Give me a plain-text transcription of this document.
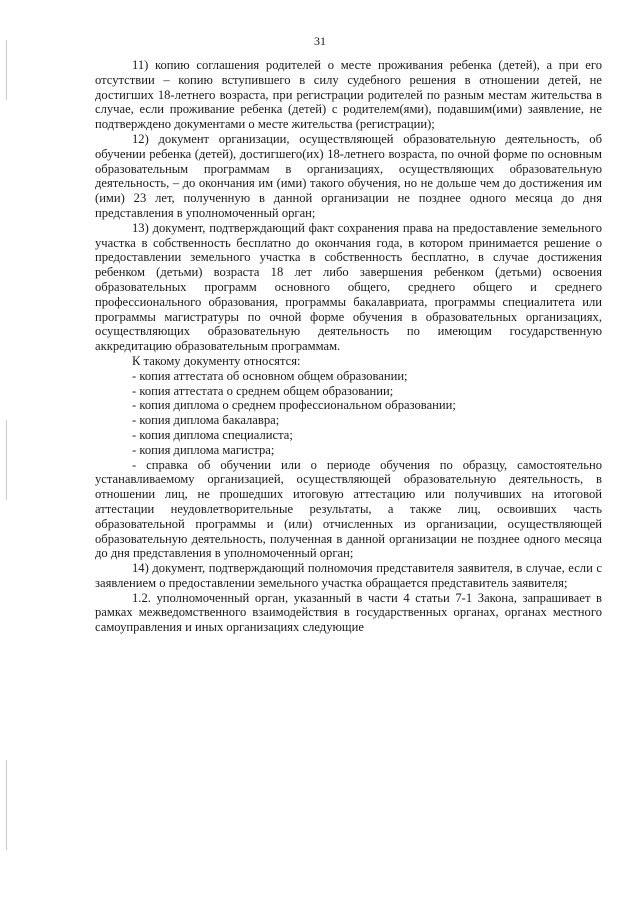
31

11) копию соглашения родителей о месте проживания ребенка (детей), а при его отсутствии – копию вступившего в силу судебного решения в отношении детей, не достигших 18-летнего возраста, при регистрации родителей по разным местам жительства в случае, если проживание ребенка (детей) с родителем(ями), подавшим(ими) заявление, не подтверждено документами о месте жительства (регистрации);

12) документ организации, осуществляющей образовательную деятельность, об обучении ребенка (детей), достигшего(их) 18-летнего возраста, по очной форме по основным образовательным программам в организациях, осуществляющих образовательную деятельность, – до окончания им (ими) такого обучения, но не дольше чем до достижения им (ими) 23 лет, полученную в данной организации не позднее одного месяца до дня представления в уполномоченный орган;

13) документ, подтверждающий факт сохранения права на предоставление земельного участка в собственность бесплатно до окончания года, в котором принимается решение о предоставлении земельного участка в собственность бесплатно, в случае достижения ребенком (детьми) возраста 18 лет либо завершения ребенком (детьми) освоения образовательных программ основного общего, среднего общего и среднего профессионального образования, программы бакалавриата, программы специалитета или программы магистратуры по очной форме обучения в образовательных организациях, осуществляющих образовательную деятельность по имеющим государственную аккредитацию образовательным программам.

К такому документу относятся:

- копия аттестата об основном общем образовании;

- копия аттестата о среднем общем образовании;

- копия диплома о среднем профессиональном образовании;

- копия диплома бакалавра;

- копия диплома специалиста;

- копия диплома магистра;

- справка об обучении или о периоде обучения по образцу, самостоятельно устанавливаемому организацией, осуществляющей образовательную деятельность, в отношении лиц, не прошедших итоговую аттестацию или получивших на итоговой аттестации неудовлетворительные результаты, а также лиц, освоивших часть образовательной программы и (или) отчисленных из организации, осуществляющей образовательную деятельность, полученная в данной организации не позднее одного месяца до дня представления в уполномоченный орган;

14) документ, подтверждающий полномочия представителя заявителя, в случае, если с заявлением о предоставлении земельного участка обращается представитель заявителя;

1.2. уполномоченный орган, указанный в части 4 статьи 7-1 Закона, запрашивает в рамках межведомственного взаимодействия в государственных органах, органах местного самоуправления и иных организациях следующие
